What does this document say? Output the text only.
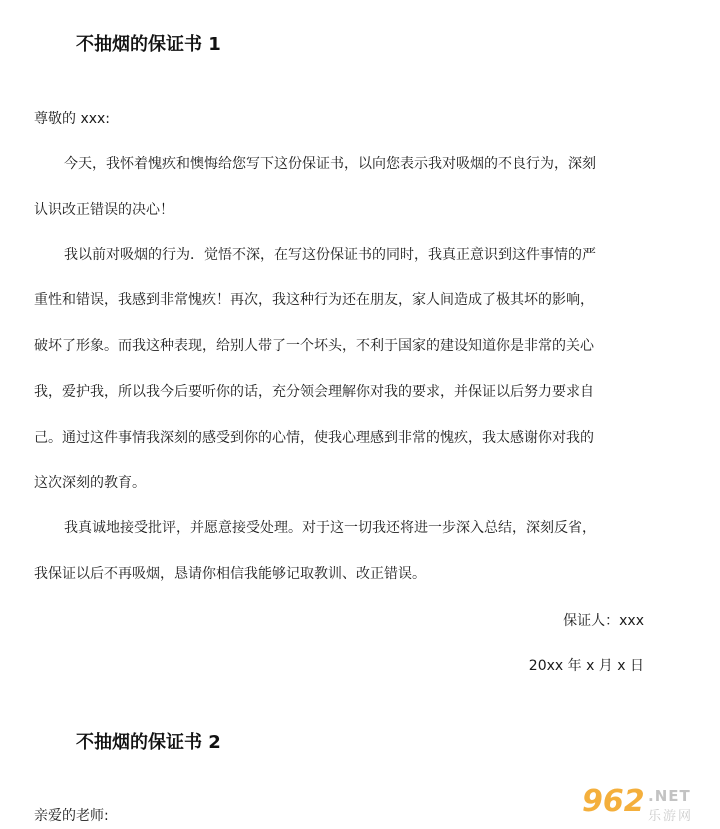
不抽烟的保证书 1

尊敬的 xxx:

今天，我怀着愧疚和懊悔给您写下这份保证书，以向您表示我对吸烟的不良行为，深刻

认识改正错误的决心！

我以前对吸烟的行为．觉悟不深，在写这份保证书的同时，我真正意识到这件事情的严

重性和错误，我感到非常愧疚！再次，我这种行为还在朋友，家人间造成了极其坏的影响，

破坏了形象。而我这种表现，给别人带了一个坏头，不利于国家的建设知道你是非常的关心

我，爱护我，所以我今后要听你的话，充分领会理解你对我的要求，并保证以后努力要求自

己。通过这件事情我深刻的感受到你的心情，使我心理感到非常的愧疚，我太感谢你对我的

这次深刻的教育。

我真诚地接受批评，并愿意接受处理。对于这一切我还将进一步深入总结，深刻反省，

我保证以后不再吸烟，恳请你相信我能够记取教训、改正错误。

保证人：xxx

20xx 年 x 月 x 日

不抽烟的保证书 2

亲爱的老师:	962 .NET
乐游网
